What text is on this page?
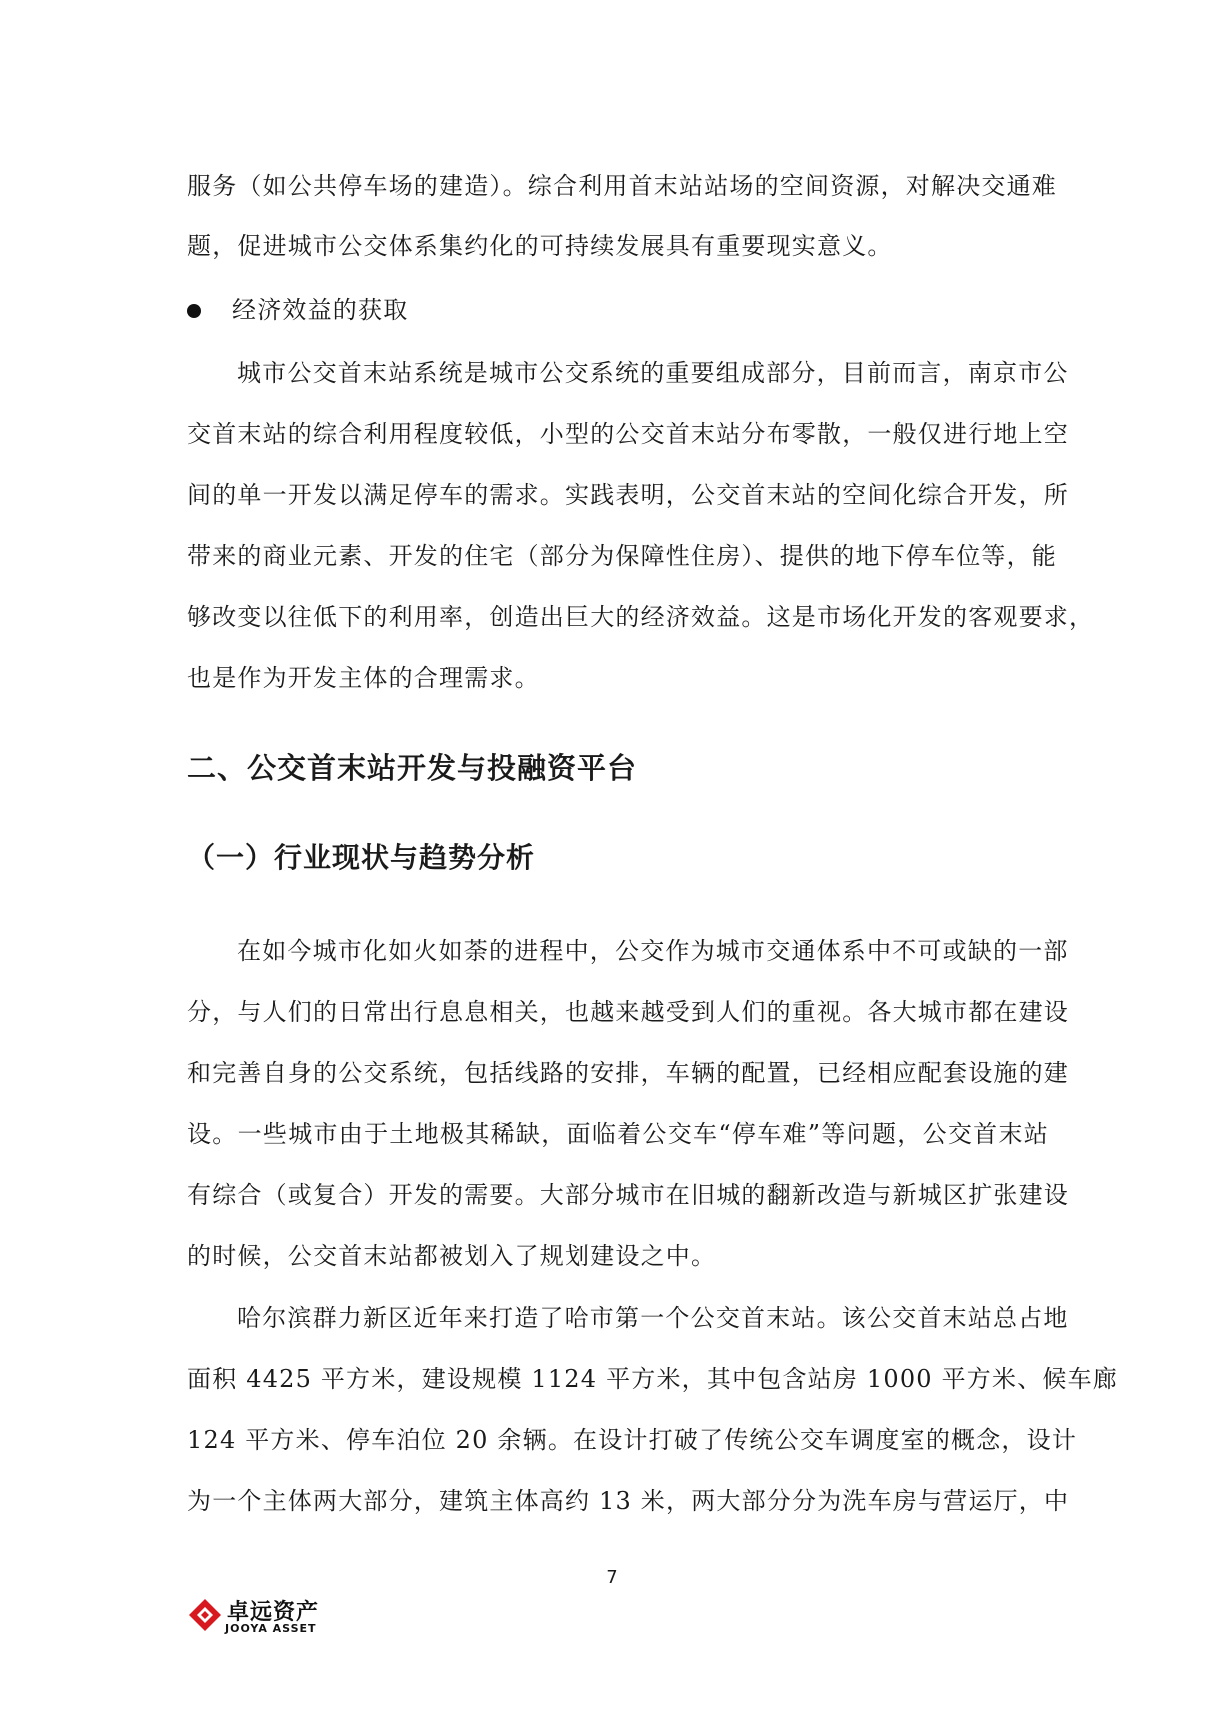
服务（如公共停车场的建造）。综合利用首末站站场的空间资源，对解决交通难
题，促进城市公交体系集约化的可持续发展具有重要现实意义。
经济效益的获取
城市公交首末站系统是城市公交系统的重要组成部分，目前而言，南京市公
交首末站的综合利用程度较低，小型的公交首末站分布零散，一般仅进行地上空
间的单一开发以满足停车的需求。实践表明，公交首末站的空间化综合开发，所
带来的商业元素、开发的住宅（部分为保障性住房）、提供的地下停车位等，能
够改变以往低下的利用率，创造出巨大的经济效益。这是市场化开发的客观要求，
也是作为开发主体的合理需求。
二、公交首末站开发与投融资平台
（一）行业现状与趋势分析
在如今城市化如火如荼的进程中，公交作为城市交通体系中不可或缺的一部
分，与人们的日常出行息息相关，也越来越受到人们的重视。各大城市都在建设
和完善自身的公交系统，包括线路的安排，车辆的配置，已经相应配套设施的建
设。一些城市由于土地极其稀缺，面临着公交车“停车难”等问题，公交首末站
有综合（或复合）开发的需要。大部分城市在旧城的翻新改造与新城区扩张建设
的时候，公交首末站都被划入了规划建设之中。
哈尔滨群力新区近年来打造了哈市第一个公交首末站。该公交首末站总占地
面积 4425 平方米，建设规模 1124 平方米，其中包含站房 1000 平方米、候车廊
124 平方米、停车泊位 20 余辆。在设计打破了传统公交车调度室的概念，设计
为一个主体两大部分，建筑主体高约 13 米，两大部分分为洗车房与营运厅，中
7
卓远资产
JOOYA ASSET
